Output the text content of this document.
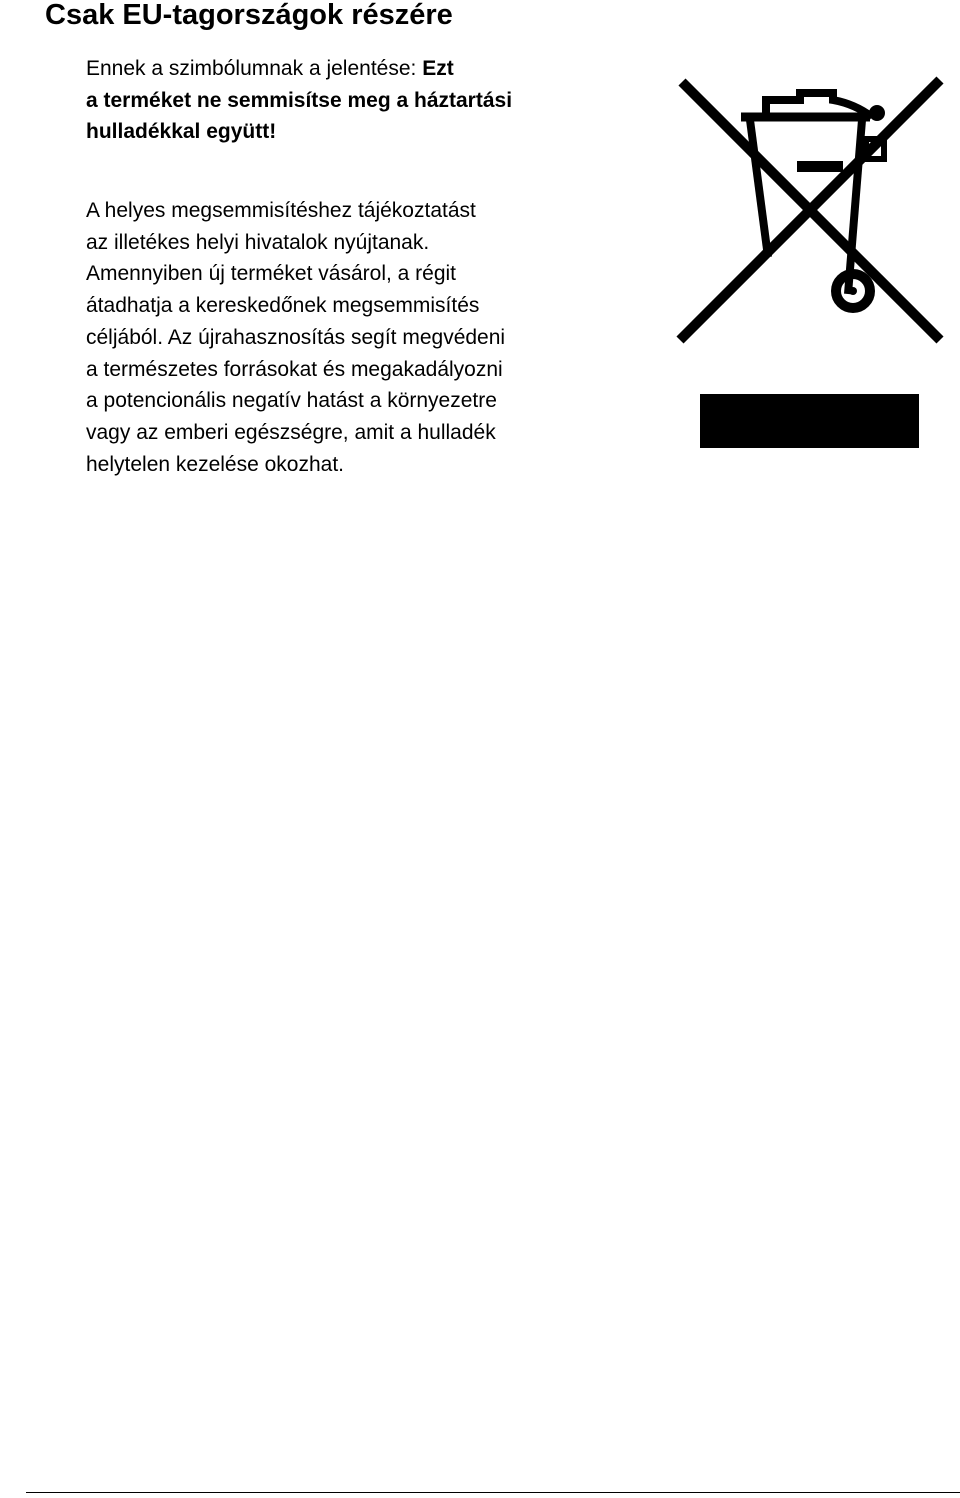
Csak EU-tagországok részére

Ennek a szimbólumnak a jelentése: Ezt
a terméket ne semmisítse meg a háztartási
hulladékkal együtt!

A helyes megsemmisítéshez tájékoztatást
az illetékes helyi hivatalok nyújtanak.
Amennyiben új terméket vásárol, a régit
átadhatja a kereskedőnek megsemmisítés
céljából. Az újrahasznosítás segít megvédeni
a természetes forrásokat és megakadályozni
a potencionális negatív hatást a környezetre
vagy az emberi egészségre, amit a hulladék
helytelen kezelése okozhat.
